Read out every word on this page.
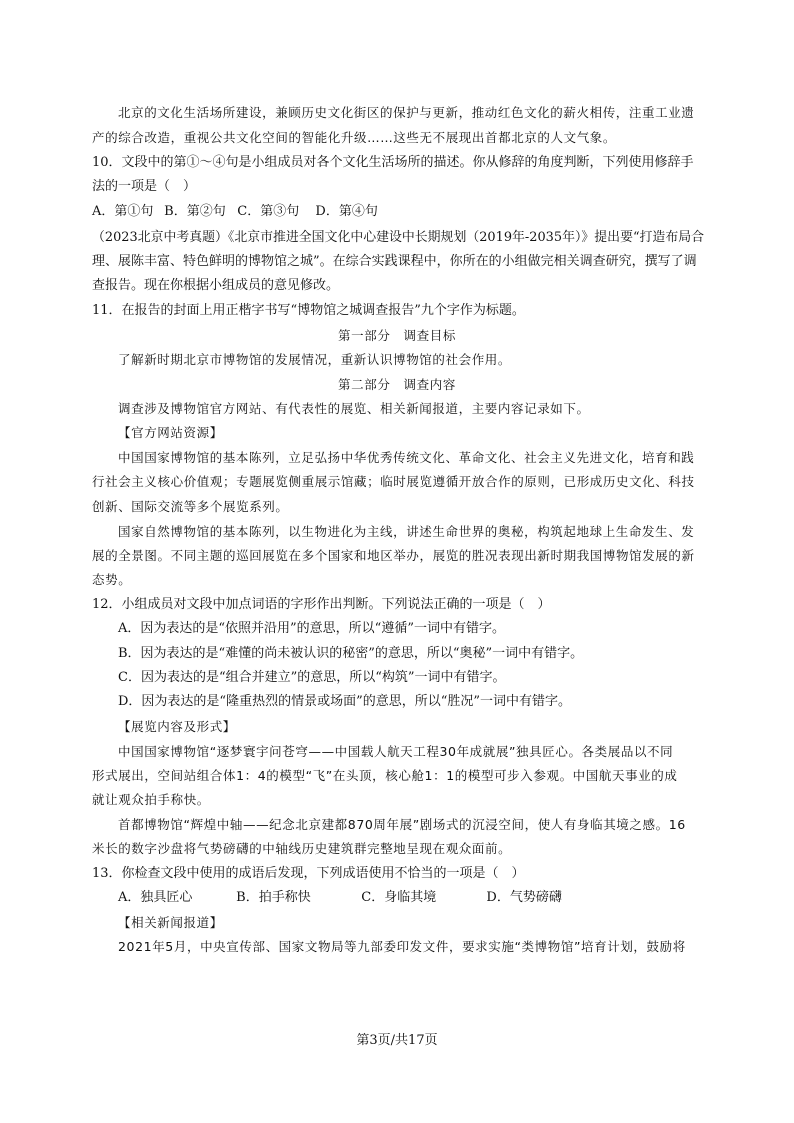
北京的文化生活场所建设，兼顾历史文化街区的保护与更新，推动红色文化的薪火相传，注重工业遗
产的综合改造，重视公共文化空间的智能化升级……这些无不展现出首都北京的人文气象。
10．文段中的第①～④句是小组成员对各个文化生活场所的描述。你从修辞的角度判断，下列使用修辞手
法的一项是（　）
A．第①句 B．第②句 C．第③句 D．第④句
（2023北京中考真题）《北京市推进全国文化中心建设中长期规划（2019年-2035年）》提出要“打造布局合
理、展陈丰富、特色鲜明的博物馆之城”。在综合实践课程中，你所在的小组做完相关调查研究，撰写了调
查报告。现在你根据小组成员的意见修改。
11．在报告的封面上用正楷字书写“博物馆之城调查报告”九个字作为标题。
第一部分　调查目标
了解新时期北京市博物馆的发展情况，重新认识博物馆的社会作用。
第二部分　调查内容
调查涉及博物馆官方网站、有代表性的展览、相关新闻报道，主要内容记录如下。
【官方网站资源】
中国国家博物馆的基本陈列，立足弘扬中华优秀传统文化、革命文化、社会主义先进文化，培育和践
行社会主义核心价值观；专题展览侧重展示馆藏；临时展览遵循开放合作的原则，已形成历史文化、科技
创新、国际交流等多个展览系列。
国家自然博物馆的基本陈列，以生物进化为主线，讲述生命世界的奥秘，构筑起地球上生命发生、发
展的全景图。不同主题的巡回展览在多个国家和地区举办，展览的胜况表现出新时期我国博物馆发展的新
态势。
12．小组成员对文段中加点词语的字形作出判断。下列说法正确的一项是（　）
A．因为表达的是“依照并沿用”的意思，所以“遵循”一词中有错字。
B．因为表达的是“难懂的尚未被认识的秘密”的意思，所以“奥秘”一词中有错字。
C．因为表达的是“组合并建立”的意思，所以“构筑”一词中有错字。
D．因为表达的是“隆重热烈的情景或场面”的意思，所以“胜况”一词中有错字。
【展览内容及形式】
中国国家博物馆“逐梦寰宇问苍穹——中国载人航天工程30年成就展”独具匠心。各类展品以不同
形式展出，空间站组合体1：4的模型“飞”在头顶，核心舱1：1的模型可步入参观。中国航天事业的成
就让观众拍手称快。
首都博物馆“辉煌中轴——纪念北京建都870周年展”剧场式的沉浸空间，使人有身临其境之感。16
米长的数字沙盘将气势磅礴的中轴线历史建筑群完整地呈现在观众面前。
13．你检查文段中使用的成语后发现，下列成语使用不恰当的一项是（　）
A．独具匠心	B．拍手称快	C．身临其境	D．气势磅礴
【相关新闻报道】
2021年5月，中央宣传部、国家文物局等九部委印发文件，要求实施“类博物馆”培育计划，鼓励将
第3页/共17页
